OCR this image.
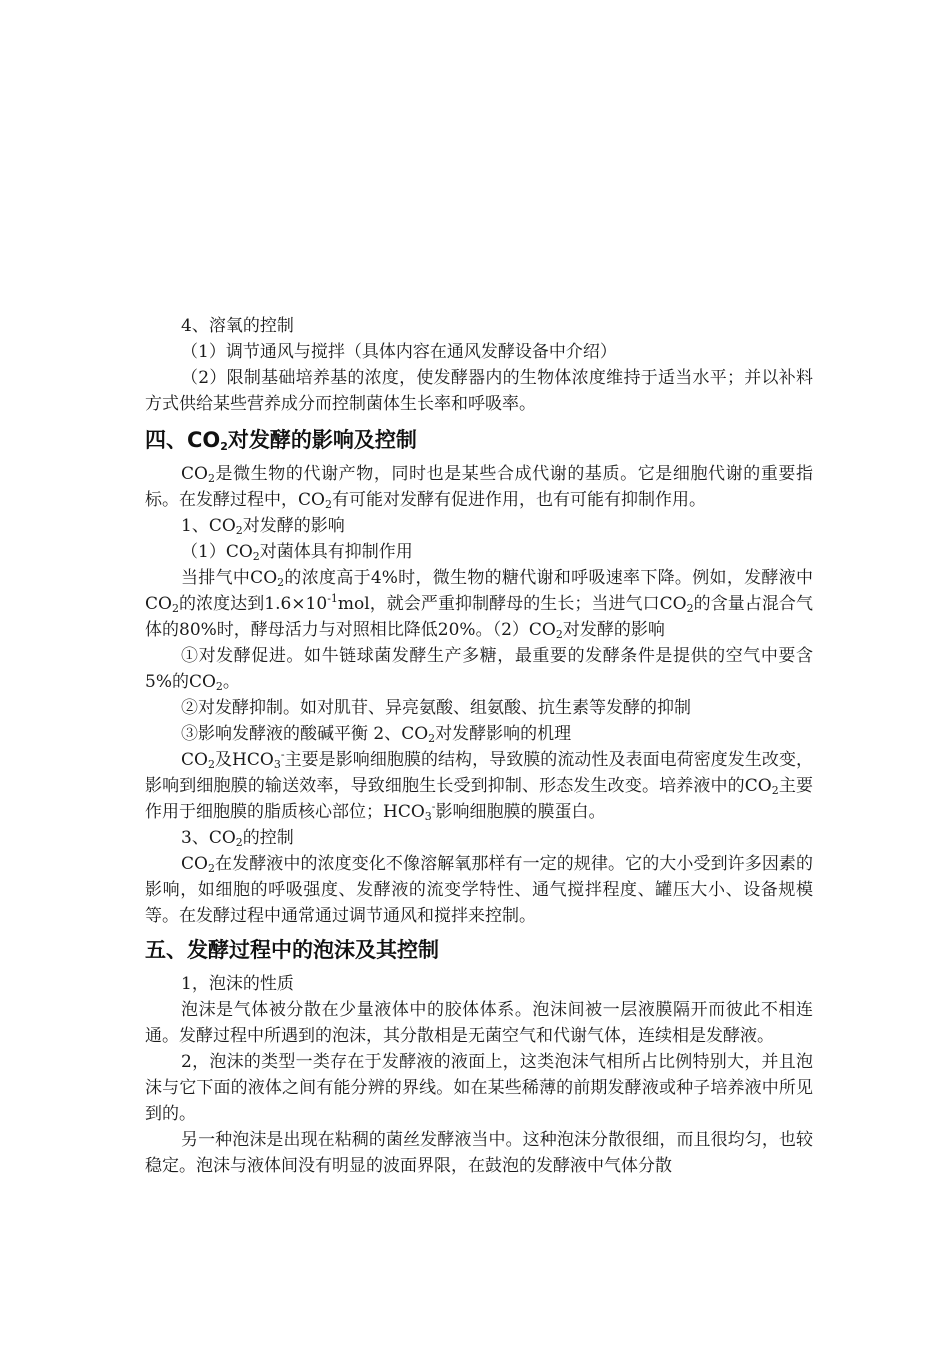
4、溶氧的控制

（1）调节通风与搅拌（具体内容在通风发酵设备中介绍）

（2）限制基础培养基的浓度，使发酵器内的生物体浓度维持于适当水平；并以补料方式供给某些营养成分而控制菌体生长率和呼吸率。

四、$CO_2$对发酵的影响及控制

$CO_2$是微生物的代谢产物，同时也是某些合成代谢的基质。它是细胞代谢的重要指标。在发酵过程中，$CO_2$有可能对发酵有促进作用，也有可能有抑制作用。

1、$CO_2$对发酵的影响

$(1)CO_2$对菌体具有抑制作用

当排气中$CO_2$的浓度高于4%时，微生物的糖代谢和呼吸速率下降。例如，发酵液中$CO_2$的浓度达到$1.6\times 10^{-1}mol$，就会严重抑制酵母的生长；当进气口$CO_2$的含量占混合气体的80%时，酵母活力与对照相比降低20%。$(2)CO_2$对发酵的影响

①对发酵促进。如牛链球菌发酵生产多糖，最重要的发酵条件是提供的空气中要含5%的$CO_2$。

②对发酵抑制。如对肌苷、异亮氨酸、组氨酸、抗生素等发酵的抑制

③影响发酵液的酸碱平衡 2、$CO_2$对发酵影响的机理

$CO_2$及$HCO_3^-$主要是影响细胞膜的结构，导致膜的流动性及表面电荷密度发生改变，影响到细胞膜的输送效率，导致细胞生长受到抑制、形态发生改变。培养液中的$CO_2$主要作用于细胞膜的脂质核心部位；$HCO_3^-$影响细胞膜的膜蛋白。

3、$CO_2$的控制

$CO_2$在发酵液中的浓度变化不像溶解氧那样有一定的规律。它的大小受到许多因素的影响，如细胞的呼吸强度、发酵液的流变学特性、通气搅拌程度、罐压大小、设备规模等。在发酵过程中通常通过调节通风和搅拌来控制。

五、发酵过程中的泡沫及其控制

1，泡沫的性质

泡沫是气体被分散在少量液体中的胶体体系。泡沫间被一层液膜隔开而彼此不相连通。发酵过程中所遇到的泡沫，其分散相是无菌空气和代谢气体，连续相是发酵液。

2，泡沫的类型一类存在于发酵液的液面上，这类泡沫气相所占比例特别大，并且泡沫与它下面的液体之间有能分辨的界线。如在某些稀薄的前期发酵液或种子培养液中所见到的。

另一种泡沫是出现在粘稠的菌丝发酵液当中。这种泡沫分散很细，而且很均匀，也较稳定。泡沫与液体间没有明显的波面界限，在鼓泡的发酵液中气体分散
